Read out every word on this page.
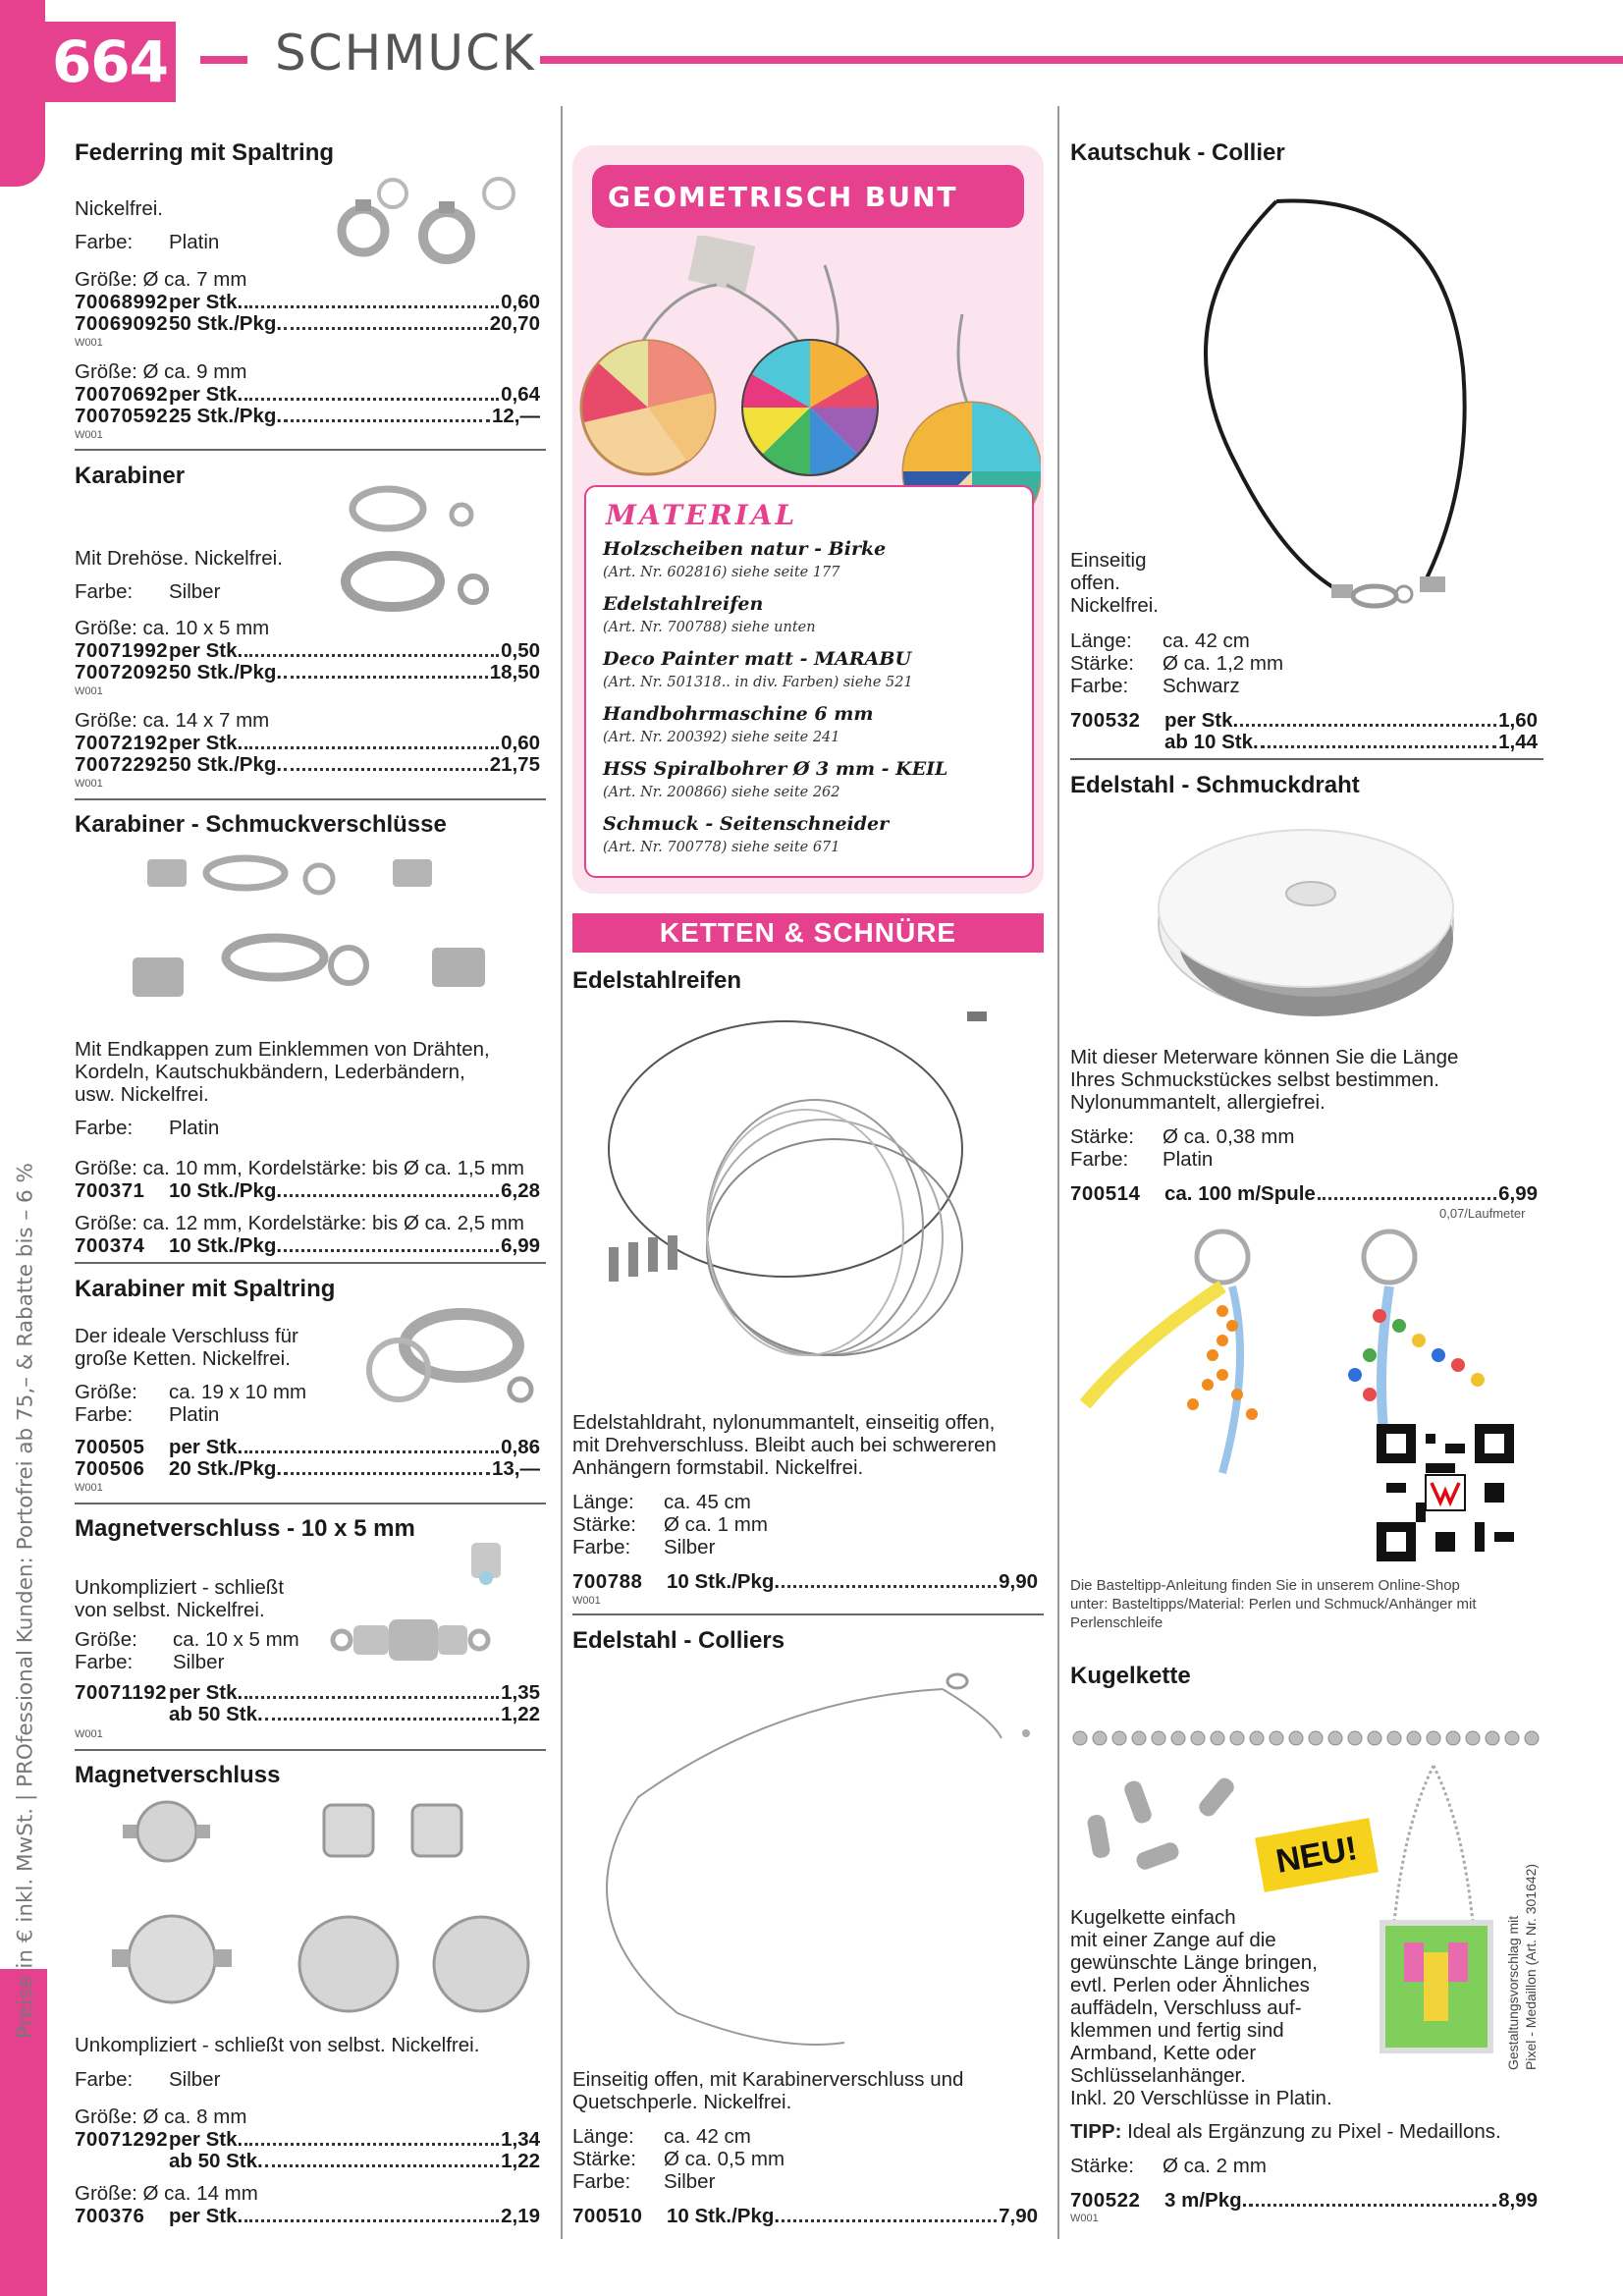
664 SCHMUCK
Preise in € inkl. MwSt. | PROfessional Kunden: Portofrei ab 75,– & Rabatte bis – 6 %
Federring mit Spaltring
Nickelfrei.
Farbe: Platin
Größe: Ø ca. 7 mm
70068992 per Stk.	0,60
70069092 50 Stk./Pkg.	20,70
W001
Größe: Ø ca. 9 mm
70070692 per Stk.	0,64
70070592 25 Stk./Pkg.	12,—
W001
Karabiner
Mit Drehöse. Nickelfrei.
Farbe: Silber
Größe: ca. 10 x 5 mm
70071992 per Stk.	0,50
70072092 50 Stk./Pkg.	18,50
W001
Größe: ca. 14 x 7 mm
70072192 per Stk.	0,60
70072292 50 Stk./Pkg.	21,75
W001
Karabiner - Schmuckverschlüsse
Mit Endkappen zum Einklemmen von Drähten,
Kordeln, Kautschukbändern, Lederbändern,
usw. Nickelfrei.
Farbe: Platin
Größe: ca. 10 mm, Kordelstärke: bis Ø ca. 1,5 mm
700371	10 Stk./Pkg.	6,28
Größe: ca. 12 mm, Kordelstärke: bis Ø ca. 2,5 mm
700374	10 Stk./Pkg.	6,99
Karabiner mit Spaltring
Der ideale Verschluss für
große Ketten. Nickelfrei.
Größe: ca. 19 x 10 mm
Farbe: Platin
700505	per Stk.	0,86
700506	20 Stk./Pkg.	13,—
W001
Magnetverschluss - 10 x 5 mm
Unkompliziert - schließt
von selbst. Nickelfrei.
Größe: ca. 10 x 5 mm
Farbe: Silber
70071192 per Stk.	1,35
ab 50 Stk.	1,22
W001
Magnetverschluss
Unkompliziert - schließt von selbst. Nickelfrei.
Farbe: Silber
Größe: Ø ca. 8 mm
70071292 per Stk.	1,34
ab 50 Stk.	1,22
Größe: Ø ca. 14 mm
700376	per Stk.	2,19
GEOMETRISCH BUNT
MATERIAL
Holzscheiben natur - Birke
(Art. Nr. 602816) siehe seite 177
Edelstahlreifen
(Art. Nr. 700788) siehe unten
Deco Painter matt - MARABU
(Art. Nr. 501318.. in div. Farben) siehe 521
Handbohrmaschine 6 mm
(Art. Nr. 200392) siehe seite 241
HSS Spiralbohrer Ø 3 mm - KEIL
(Art. Nr. 200866) siehe seite 262
Schmuck - Seitenschneider
(Art. Nr. 700778) siehe seite 671
KETTEN & SCHNÜRE
Edelstahlreifen
Edelstahldraht, nylonummantelt, einseitig offen,
mit Drehverschluss. Bleibt auch bei schwereren
Anhängern formstabil. Nickelfrei.
Länge: ca. 45 cm
Stärke: Ø ca. 1 mm
Farbe: Silber
700788	10 Stk./Pkg.	9,90
W001
Edelstahl - Colliers
Einseitig offen, mit Karabinerverschluss und
Quetschperle. Nickelfrei.
Länge: ca. 42 cm
Stärke: Ø ca. 0,5 mm
Farbe: Silber
700510	10 Stk./Pkg.	7,90
Kautschuk - Collier
Einseitig
offen.
Nickelfrei.
Länge: ca. 42 cm
Stärke: Ø ca. 1,2 mm
Farbe: Schwarz
700532	per Stk.	1,60
ab 10 Stk.	1,44
Edelstahl - Schmuckdraht
Mit dieser Meterware können Sie die Länge
Ihres Schmuckstückes selbst bestimmen.
Nylonummantelt, allergiefrei.
Stärke: Ø ca. 0,38 mm
Farbe: Platin
700514	ca. 100 m/Spule	6,99
0,07/Laufmeter
Die Basteltipp-Anleitung finden Sie in unserem Online-Shop
unter: Basteltipps/Material: Perlen und Schmuck/Anhänger mit
Perlenschleife
Kugelkette
NEU!
Gestaltungsvorschlag mit Pixel - Medaillon (Art. Nr. 301642)
Kugelkette einfach
mit einer Zange auf die
gewünschte Länge bringen,
evtl. Perlen oder Ähnliches
auffädeln, Verschluss auf-
klemmen und fertig sind
Armband, Kette oder
Schlüsselanhänger.
Inkl. 20 Verschlüsse in Platin.
TIPP: Ideal als Ergänzung zu Pixel - Medaillons.
Stärke: Ø ca. 2 mm
700522	3 m/Pkg.	8,99
W001
